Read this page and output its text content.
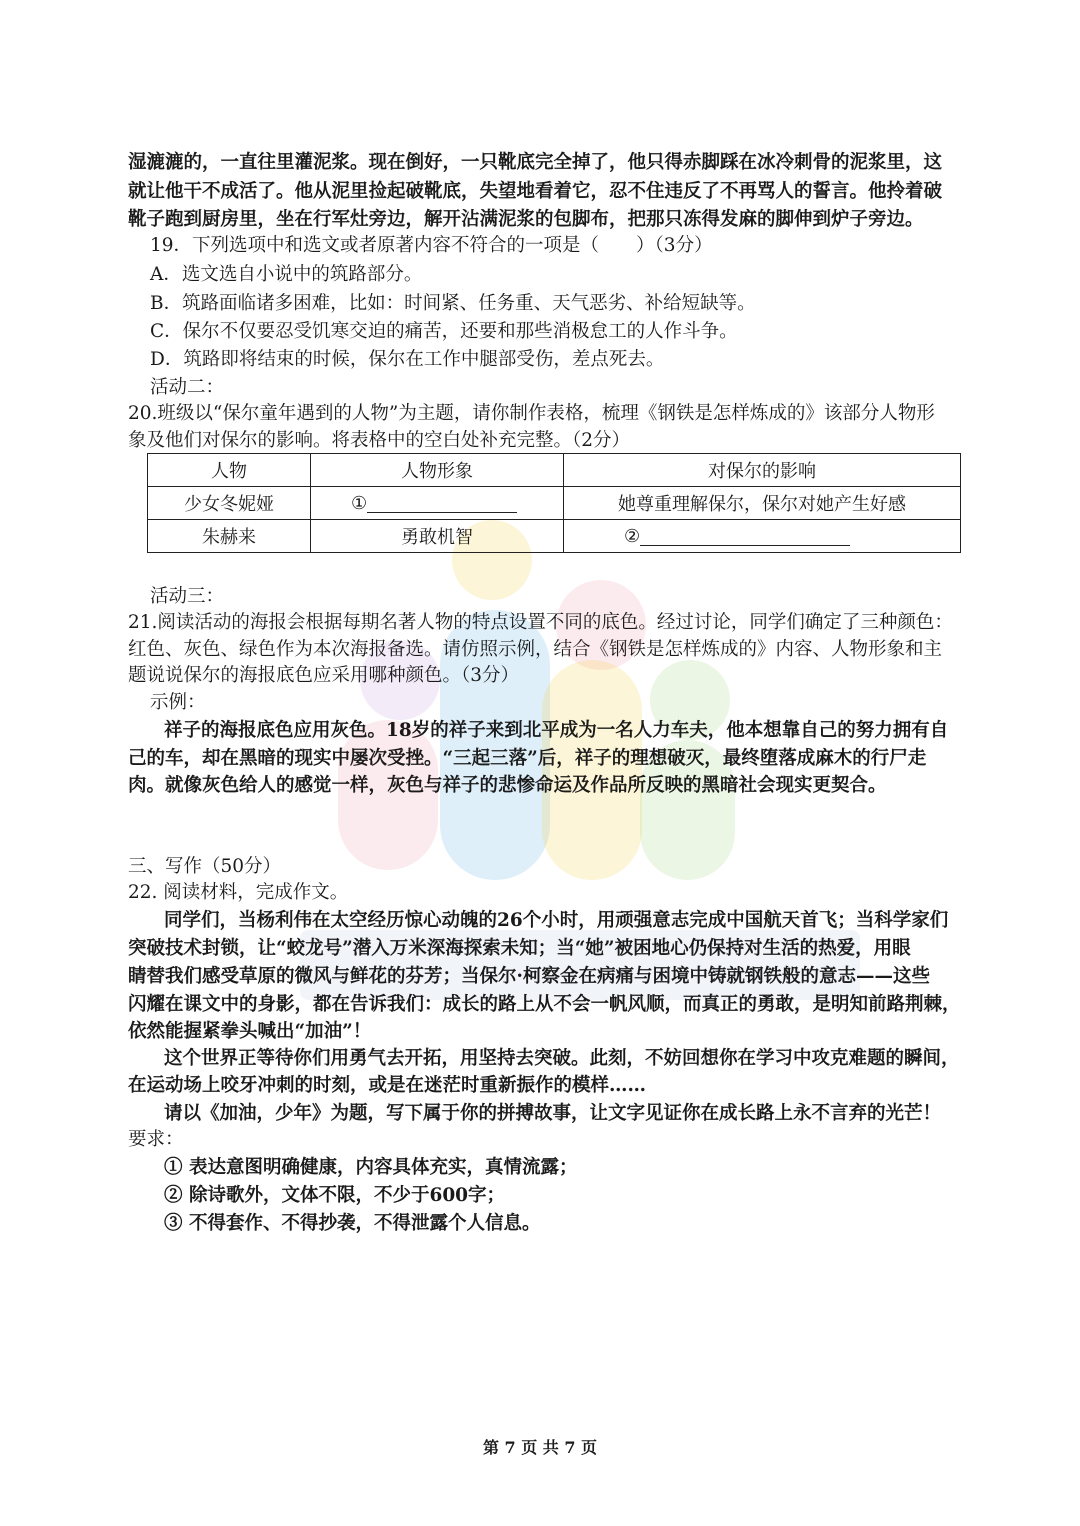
湿漉漉的，一直往里灌泥浆。现在倒好，一只靴底完全掉了，他只得赤脚踩在冰冷刺骨的泥浆里，这
就让他干不成活了。他从泥里捡起破靴底，失望地看着它，忍不住违反了不再骂人的誓言。他拎着破
靴子跑到厨房里，坐在行军灶旁边，解开沾满泥浆的包脚布，把那只冻得发麻的脚伸到炉子旁边。
19．下列选项中和选文或者原著内容不符合的一项是（　　）（3分）
A．选文选自小说中的筑路部分。
B．筑路面临诸多困难，比如：时间紧、任务重、天气恶劣、补给短缺等。
C．保尔不仅要忍受饥寒交迫的痛苦，还要和那些消极怠工的人作斗争。
D．筑路即将结束的时候，保尔在工作中腿部受伤，差点死去。
活动二：
20.班级以“保尔童年遇到的人物”为主题，请你制作表格，梳理《钢铁是怎样炼成的》该部分人物形
象及他们对保尔的影响。将表格中的空白处补充完整。（2分）
人物	人物形象	对保尔的影响
少女冬妮娅	①	她尊重理解保尔，保尔对她产生好感
朱赫来	勇敢机智	②
活动三：
21.阅读活动的海报会根据每期名著人物的特点设置不同的底色。经过讨论，同学们确定了三种颜色：
红色、灰色、绿色作为本次海报备选。请仿照示例，结合《钢铁是怎样炼成的》内容、人物形象和主
题说说保尔的海报底色应采用哪种颜色。（3分）
示例：
祥子的海报底色应用灰色。18岁的祥子来到北平成为一名人力车夫，他本想靠自己的努力拥有自
己的车，却在黑暗的现实中屡次受挫。“三起三落”后，祥子的理想破灭，最终堕落成麻木的行尸走
肉。就像灰色给人的感觉一样，灰色与祥子的悲惨命运及作品所反映的黑暗社会现实更契合。
三、写作（50分）
22. 阅读材料，完成作文。
同学们，当杨利伟在太空经历惊心动魄的26个小时，用顽强意志完成中国航天首飞；当科学家们
突破技术封锁，让“蛟龙号”潜入万米深海探索未知；当“她”被困地心仍保持对生活的热爱，用眼
睛替我们感受草原的微风与鲜花的芬芳；当保尔·柯察金在病痛与困境中铸就钢铁般的意志——这些
闪耀在课文中的身影，都在告诉我们：成长的路上从不会一帆风顺，而真正的勇敢，是明知前路荆棘，
依然能握紧拳头喊出“加油”！
这个世界正等待你们用勇气去开拓，用坚持去突破。此刻，不妨回想你在学习中攻克难题的瞬间，
在运动场上咬牙冲刺的时刻，或是在迷茫时重新振作的模样……
请以《加油，少年》为题，写下属于你的拼搏故事，让文字见证你在成长路上永不言弃的光芒！
要求：
① 表达意图明确健康，内容具体充实，真情流露；
② 除诗歌外，文体不限，不少于600字；
③ 不得套作、不得抄袭，不得泄露个人信息。
第 7 页 共 7 页
